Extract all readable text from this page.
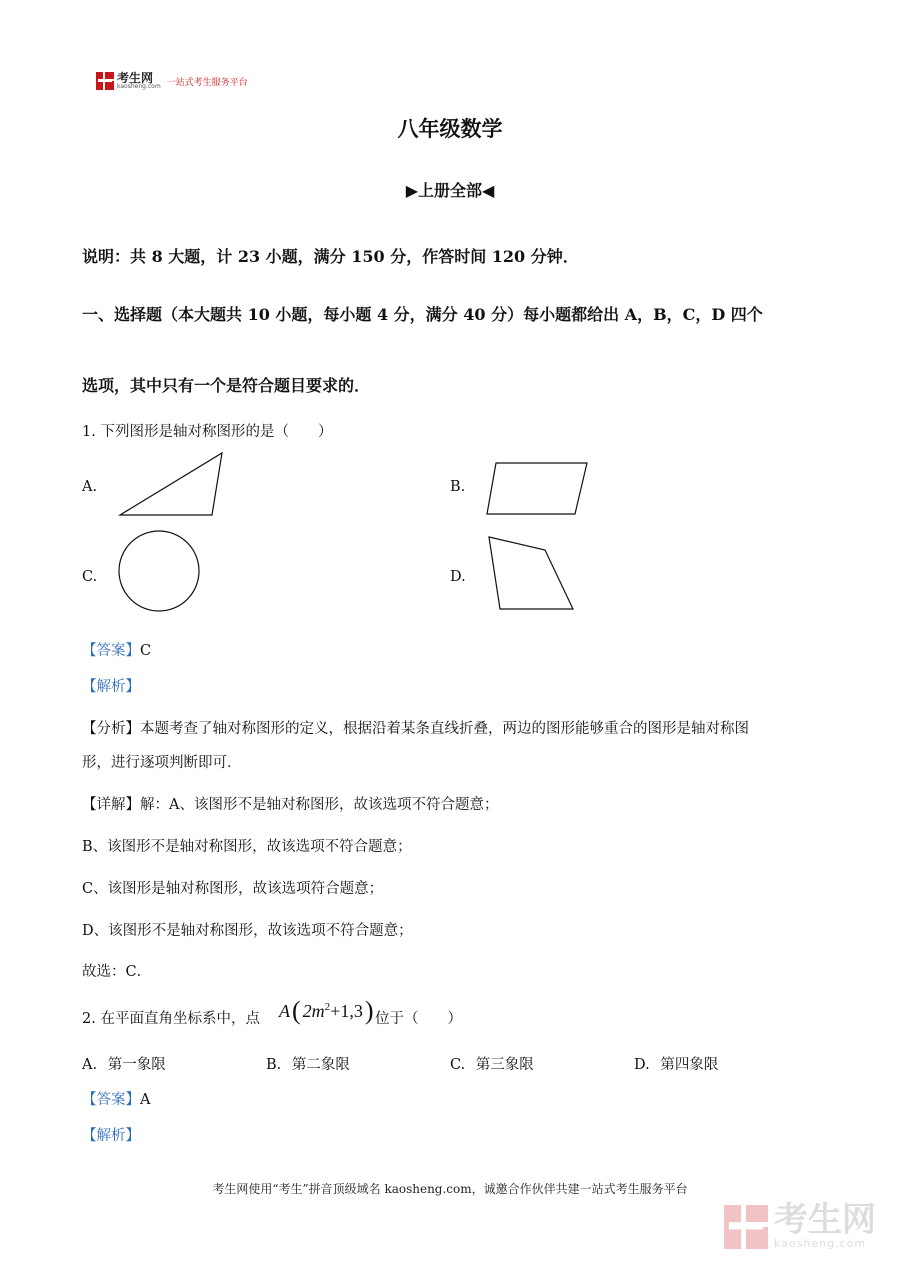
考生网
kaosheng.com 一站式考生服务平台
八年级数学
▶上册全部◀
说明：共 8 大题，计 23 小题，满分 150 分，作答时间 120 分钟．
一、选择题（本大题共 10 小题，每小题 4 分，满分 40 分）每小题都给出 A，B，C，D 四个
选项，其中只有一个是符合题目要求的．
1. 下列图形是轴对称图形的是（　　）
A.	B.
C.	D.
【答案】C
【解析】
【分析】本题考查了轴对称图形的定义，根据沿着某条直线折叠，两边的图形能够重合的图形是轴对称图
形，进行逐项判断即可．
【详解】解：A、该图形不是轴对称图形，故该选项不符合题意；
B、该图形不是轴对称图形，故该选项不符合题意；
C、该图形是轴对称图形，故该选项符合题意；
D、该图形不是轴对称图形，故该选项不符合题意；
故选：C．
2. 在平面直角坐标系中，点 A ( $2m^2 +1,3$ ) 位于（　　）
A. 第一象限	B. 第二象限	C. 第三象限	D. 第四象限
【答案】A
【解析】
考生网使用“考生”拼音顶级域名 kaosheng.com，诚邀合作伙伴共建一站式考生服务平台
考生网
kaosheng.com
